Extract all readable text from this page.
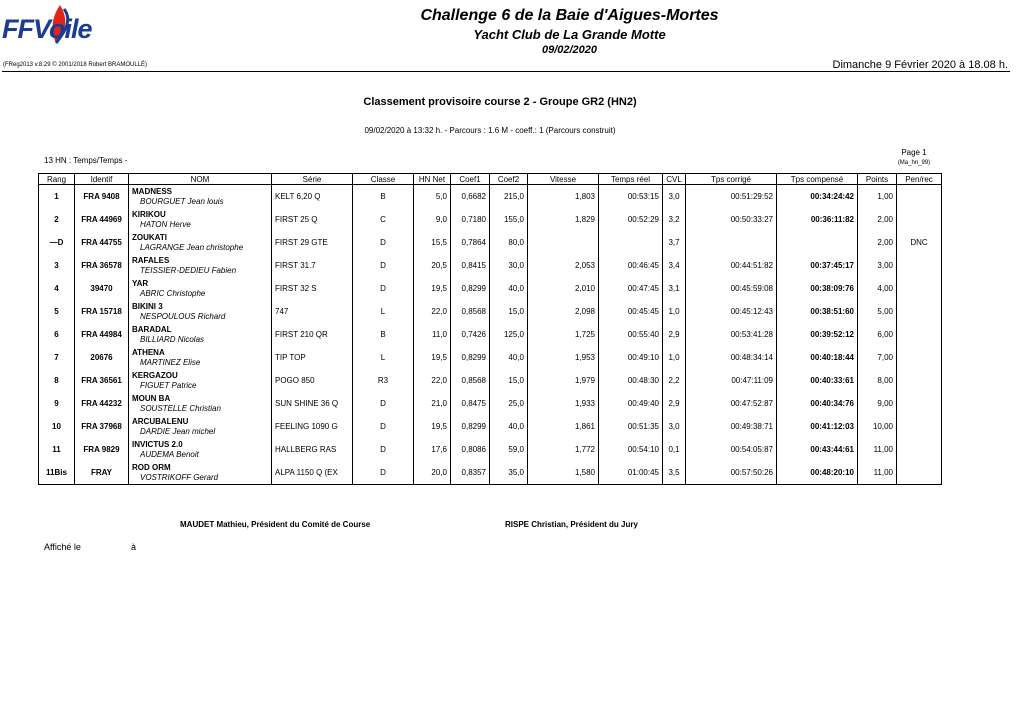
FFVoile	Challenge 6 de la Baie d'Aigues-Mortes
Yacht Club de La Grande Motte
09/02/2020
(FReg2013 v.8.29 © 2001/2018 Robert BRAMOULLÉ)	Dimanche 9 Février 2020 à 18.08 h.
Classement provisoire course 2 - Groupe GR2 (HN2)
09/02/2020 à 13:32 h. - Parcours : 1.6 M - coeff.: 1 (Parcours construit)
13 HN : Temps/Temps -
Page 1
(Ma_hn_99)
Rang	Identif	NOM	Série	Classe	HN Net	Coef1	Coef2	Vitesse	Temps réel	CVL	Tps corrigé	Tps compensé	Points	Pen/rec
1	FRA 9408	MADNESS
BOURGUET Jean louis	KELT 6,20 Q	B	5,0	0,6682	215,0	1,803	00:53:15	3,0	00:51:29:52	00:34:24:42	1,00	
2	FRA 44969	KIRIKOU
HATON Herve	FIRST 25 Q	C	9,0	0,7180	155,0	1,829	00:52:29	3,2	00:50:33:27	00:36:11:82	2,00	
—D	FRA 44755	ZOUKATI
LAGRANGE Jean christophe	FIRST 29 GTE	D	15,5	0,7864	80,0			3,7			2,00	DNC
3	FRA 36578	RAFALES
TEISSIER-DEDIEU Fabien	FIRST 31.7	D	20,5	0,8415	30,0	2,053	00:46:45	3,4	00:44:51:82	00:37:45:17	3,00	
4	39470	YAR
ABRIC Christophe	FIRST 32 S	D	19,5	0,8299	40,0	2,010	00:47:45	3,1	00:45:59:08	00:38:09:76	4,00	
5	FRA 15718	BIKINI 3
NESPOULOUS Richard	747	L	22,0	0,8568	15,0	2,098	00:45:45	1,0	00:45:12:43	00:38:51:60	5,00	
6	FRA 44984	BARADAL
BILLIARD Nicolas	FIRST 210 QR	B	11,0	0,7426	125,0	1,725	00:55:40	2,9	00:53:41:28	00:39:52:12	6,00	
7	20676	ATHENA
MARTINEZ Elise	TIP TOP	L	19,5	0,8299	40,0	1,953	00:49:10	1,0	00:48:34:14	00:40:18:44	7,00	
8	FRA 36561	KERGAZOU
FIGUET Patrice	POGO 850	R3	22,0	0,8568	15,0	1,979	00:48:30	2,2	00:47:11:09	00:40:33:61	8,00	
9	FRA 44232	MOUN BA
SOUSTELLE Christian	SUN SHINE 36 Q	D	21,0	0,8475	25,0	1,933	00:49:40	2,9	00:47:52:87	00:40:34:76	9,00	
10	FRA 37968	ARCUBALENU
DARDIE Jean michel	FEELING 1090 G	D	19,5	0,8299	40,0	1,861	00:51:35	3,0	00:49:38:71	00:41:12:03	10,00	
11	FRA 9829	INVICTUS 2.0
AUDEMA Benoit	HALLBERG RAS	D	17,6	0,8086	59,0	1,772	00:54:10	0,1	00:54:05:87	00:43:44:61	11,00	
11Bis	FRAY	ROD ORM
VOSTRIKOFF Gerard	ALPA 1150 Q (EX	D	20,0	0,8357	35,0	1,580	01:00:45	3,5	00:57:50:26	00:48:20:10	11,00	
MAUDET Mathieu, Président du Comité de Course	RISPE Christian, Président du Jury
Affiché le	à
